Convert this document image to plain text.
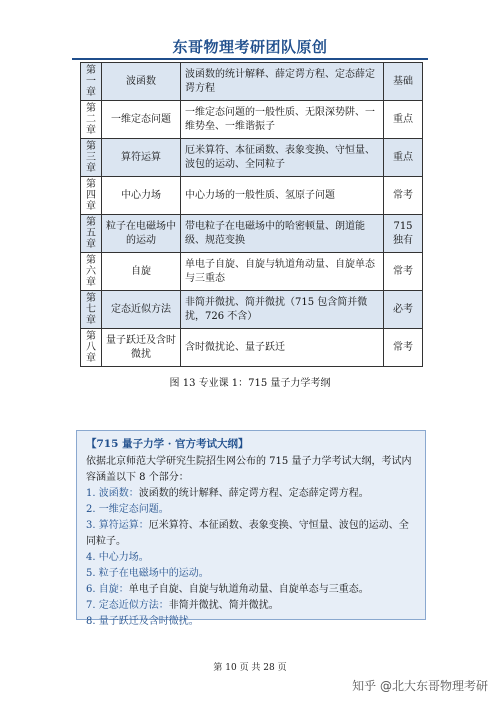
东哥物理考研团队原创
第
一
章	波函数	波函数的统计解释、薛定谔方程、定态薛定谔方程	基础

第
二
章	一维定态问题	一维定态问题的一般性质、无限深势阱、一维势垒、一维谐振子	重点

第
三
章	算符运算	厄米算符、本征函数、表象变换、守恒量、波包的运动、全同粒子	重点

第
四
章	中心力场	中心力场的一般性质、氢原子问题	常考

第
五
章	粒子在电磁场中的运动	带电粒子在电磁场中的哈密顿量、朗道能级、规范变换	715 独有

第
六
章	自旋	单电子自旋、自旋与轨道角动量、自旋单态与三重态	常考

第
七
章	定态近似方法	非简并微扰、简并微扰（715 包含简并微扰，726 不含）	必考

第
八
章	量子跃迁及含时微扰	含时微扰论、量子跃迁	常考
图 13 专业课 1：715 量子力学考纲
【715 量子力学 · 官方考试大纲】
依据北京师范大学研究生院招生网公布的 715 量子力学考试大纲，考试内容涵盖以下 8 个部分：
1. 波函数：波函数的统计解释、薛定谔方程、定态薛定谔方程。
2. 一维定态问题。
3. 算符运算：厄米算符、本征函数、表象变换、守恒量、波包的运动、全同粒子。
4. 中心力场。
5. 粒子在电磁场中的运动。
6. 自旋：单电子自旋、自旋与轨道角动量、自旋单态与三重态。
7. 定态近似方法：非简并微扰、简并微扰。
8. 量子跃迁及含时微扰。
第 10 页 共 28 页
知乎 @北大东哥物理考研
